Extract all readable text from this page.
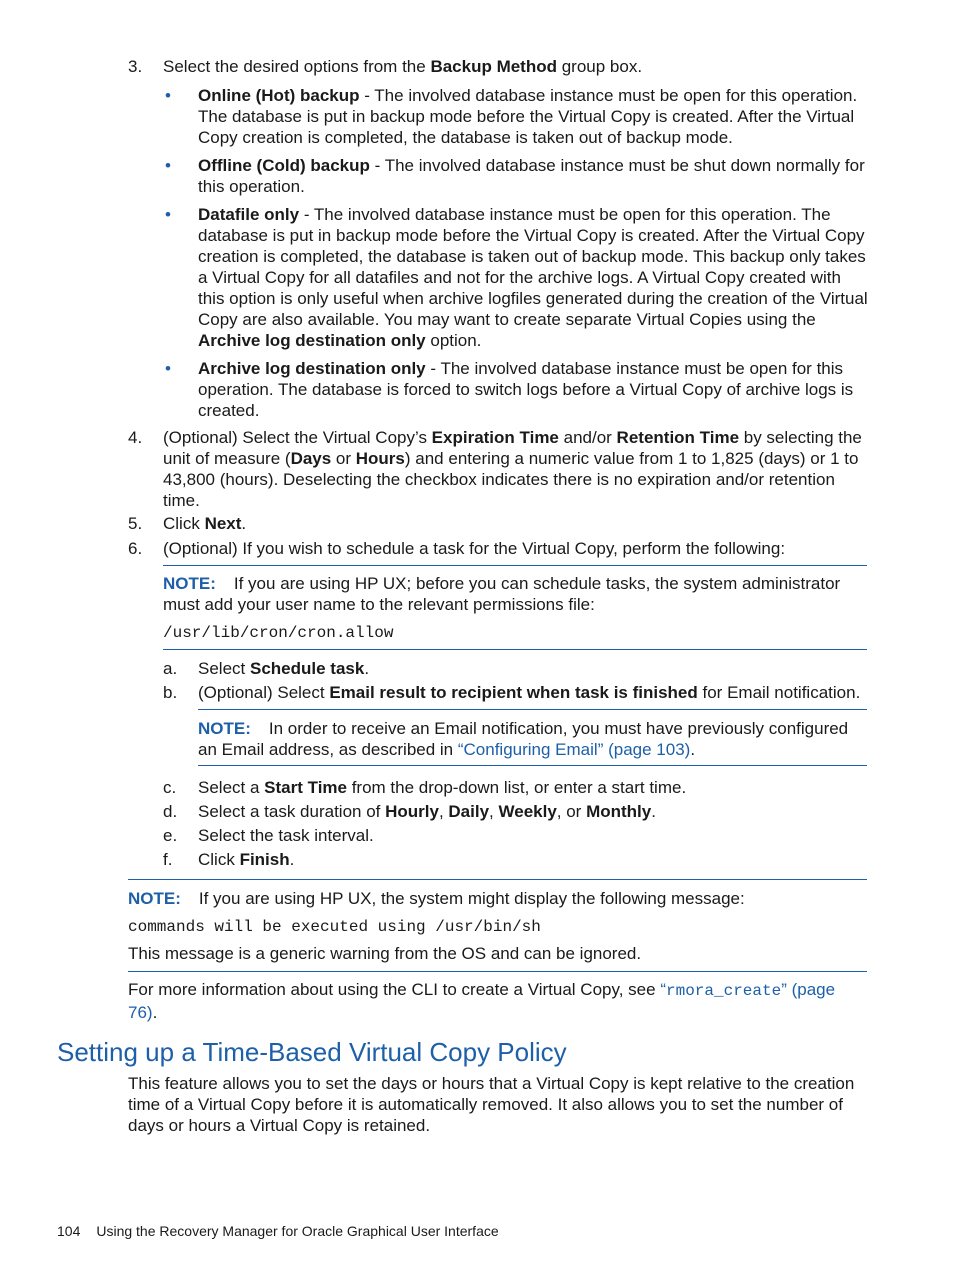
3. Select the desired options from the Backup Method group box.
• Online (Hot) backup - The involved database instance must be open for this operation. The database is put in backup mode before the Virtual Copy is created. After the Virtual Copy creation is completed, the database is taken out of backup mode.
• Offline (Cold) backup - The involved database instance must be shut down normally for this operation.
• Datafile only - The involved database instance must be open for this operation. The database is put in backup mode before the Virtual Copy is created. After the Virtual Copy creation is completed, the database is taken out of backup mode. This backup only takes a Virtual Copy for all datafiles and not for the archive logs. A Virtual Copy created with this option is only useful when archive logfiles generated during the creation of the Virtual Copy are also available. You may want to create separate Virtual Copies using the Archive log destination only option.
• Archive log destination only - The involved database instance must be open for this operation. The database is forced to switch logs before a Virtual Copy of archive logs is created.
4. (Optional) Select the Virtual Copy’s Expiration Time and/or Retention Time by selecting the unit of measure (Days or Hours) and entering a numeric value from 1 to 1,825 (days) or 1 to 43,800 (hours). Deselecting the checkbox indicates there is no expiration and/or retention time.
5. Click Next.
6. (Optional) If you wish to schedule a task for the Virtual Copy, perform the following:
NOTE: If you are using HP UX; before you can schedule tasks, the system administrator must add your user name to the relevant permissions file:
/usr/lib/cron/cron.allow
a. Select Schedule task.
b. (Optional) Select Email result to recipient when task is finished for Email notification.
NOTE: In order to receive an Email notification, you must have previously configured an Email address, as described in “Configuring Email” (page 103).
c. Select a Start Time from the drop-down list, or enter a start time.
d. Select a task duration of Hourly, Daily, Weekly, or Monthly.
e. Select the task interval.
f. Click Finish.
NOTE: If you are using HP UX, the system might display the following message:
commands will be executed using /usr/bin/sh
This message is a generic warning from the OS and can be ignored.
For more information about using the CLI to create a Virtual Copy, see “rmora_create” (page 76).
Setting up a Time-Based Virtual Copy Policy
This feature allows you to set the days or hours that a Virtual Copy is kept relative to the creation time of a Virtual Copy before it is automatically removed. It also allows you to set the number of days or hours a Virtual Copy is retained.
104 Using the Recovery Manager for Oracle Graphical User Interface
